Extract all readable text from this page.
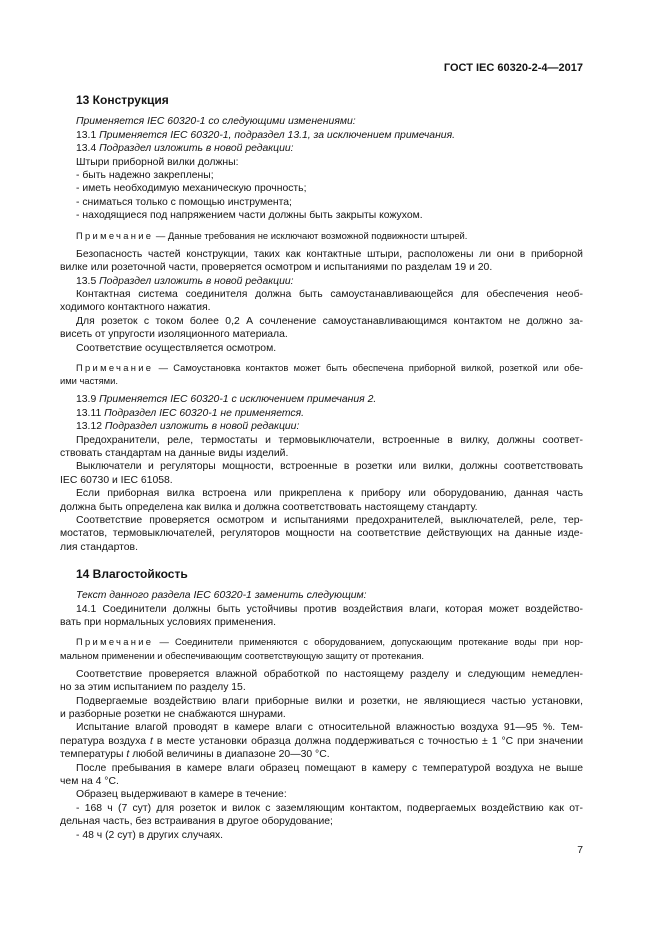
ГОСТ IEC 60320-2-4—2017
13 Конструкция
Применяется IEC 60320-1 со следующими изменениями:
13.1 Применяется IEC 60320-1, подраздел 13.1, за исключением примечания.
13.4 Подраздел изложить в новой редакции:
Штыри приборной вилки должны:
- быть надежно закреплены;
- иметь необходимую механическую прочность;
- сниматься только с помощью инструмента;
- находящиеся под напряжением части должны быть закрыты кожухом.
Примечание — Данные требования не исключают возможной подвижности штырей.
Безопасность частей конструкции, таких как контактные штыри, расположены ли они в приборной
вилке или розеточной части, проверяется осмотром и испытаниями по разделам 19 и 20.
13.5 Подраздел изложить в новой редакции:
Контактная система соединителя должна быть самоустанавливающейся для обеспечения необ-
ходимого контактного нажатия.
Для розеток с током более 0,2 А сочленение самоустанавливающимся контактом не должно за-
висеть от упругости изоляционного материала.
Соответствие осуществляется осмотром.
Примечание — Самоустановка контактов может быть обеспечена приборной вилкой, розеткой или обе-
ими частями.
13.9 Применяется IEC 60320-1 с исключением примечания 2.
13.11 Подраздел IEC 60320-1 не применяется.
13.12 Подраздел изложить в новой редакции:
Предохранители, реле, термостаты и термовыключатели, встроенные в вилку, должны соответ-
ствовать стандартам на данные виды изделий.
Выключатели и регуляторы мощности, встроенные в розетки или вилки, должны соответствовать
IEC 60730 и IEC 61058.
Если приборная вилка встроена или прикреплена к прибору или оборудованию, данная часть
должна быть определена как вилка и должна соответствовать настоящему стандарту.
Соответствие проверяется осмотром и испытаниями предохранителей, выключателей, реле, тер-
мостатов, термовыключателей, регуляторов мощности на соответствие действующих на данные изде-
лия стандартов.
14 Влагостойкость
Текст данного раздела IEC 60320-1 заменить следующим:
14.1 Соединители должны быть устойчивы против воздействия влаги, которая может воздейство-
вать при нормальных условиях применения.
Примечание — Соединители применяются с оборудованием, допускающим протекание воды при нор-
мальном применении и обеспечивающим соответствующую защиту от протекания.
Соответствие проверяется влажной обработкой по настоящему разделу и следующим немедлен-
но за этим испытанием по разделу 15.
Подвергаемые воздействию влаги приборные вилки и розетки, не являющиеся частью установки,
и разборные розетки не снабжаются шнурами.
Испытание влагой проводят в камере влаги с относительной влажностью воздуха 91—95 %. Тем-
пература воздуха t в месте установки образца должна поддерживаться с точностью ± 1 °C при значении
температуры t любой величины в диапазоне 20—30 °C.
После пребывания в камере влаги образец помещают в камеру с температурой воздуха не выше
чем на 4 °C.
Образец выдерживают в камере в течение:
- 168 ч (7 сут) для розеток и вилок с заземляющим контактом, подвергаемых воздействию как от-
дельная часть, без встраивания в другое оборудование;
- 48 ч (2 сут) в других случаях.
7
